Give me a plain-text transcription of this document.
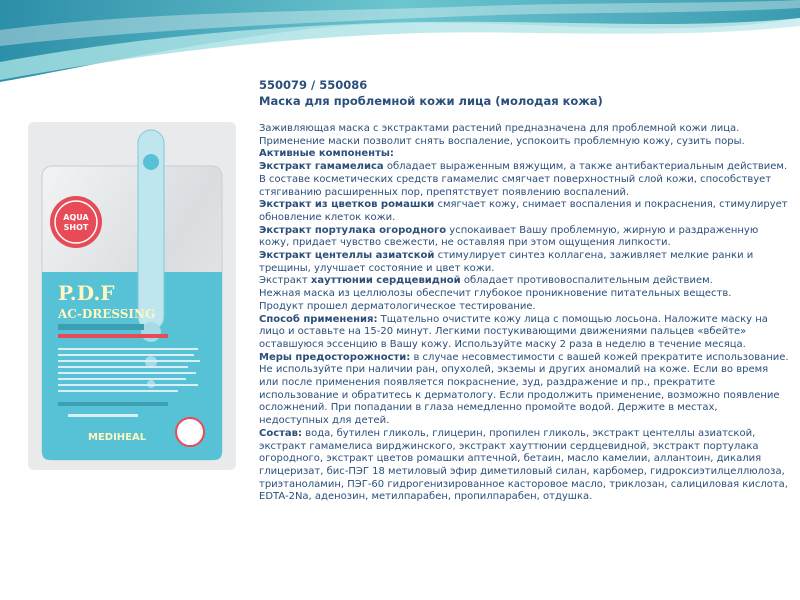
AQUA
SHOT
P.D.F
AC-DRESSING
MEDIHEAL
550079 / 550086
Маска для проблемной кожи лица (молодая кожа)

Заживляющая маска с экстрактами растений предназначена для проблемной кожи лица.

Применение маски позволит снять воспаление, успокоить проблемную кожу, сузить поры.

Активные компоненты:

Экстракт гамамелиса обладает выраженным вяжущим, а также антибактериальным действием. В составе косметических средств гамамелис смягчает поверхностный слой кожи, способствует стягиванию расширенных пор, препятствует появлению воспалений.

Экстракт из цветков ромашки смягчает кожу, снимает воспаления и покраснения, стимулирует обновление клеток кожи.

Экстракт портулака огородного успокаивает Вашу проблемную, жирную и раздраженную кожу, придает чувство свежести, не оставляя при этом ощущения липкости.

Экстракт центеллы азиатской стимулирует синтез коллагена, заживляет мелкие ранки и трещины, улучшает состояние и цвет кожи.

Экстракт хауттюнии сердцевидной обладает противовоспалительным действием.

Нежная маска из целлюлозы обеспечит глубокое проникновение питательных веществ.

Продукт прошел дерматологическое тестирование.

Способ применения: Тщательно очистите кожу лица с помощью лосьона. Наложите маску на лицо и оставьте на 15-20 минут. Легкими постукивающими движениями пальцев «вбейте» оставшуюся эссенцию в Вашу кожу. Используйте маску 2 раза в неделю в течение месяца.

Меры предосторожности: в случае несовместимости с вашей кожей прекратите использование. Не используйте при наличии ран, опухолей, экземы и других аномалий на коже. Если во время или после применения появляется покраснение, зуд, раздражение и пр., прекратите использование и обратитесь к дерматологу. Если продолжить применение, возможно появление осложнений. При попадании в глаза немедленно промойте водой. Держите в местах, недоступных для детей.

Состав: вода, бутилен гликоль, глицерин, пропилен гликоль, экстракт центеллы азиатской, экстракт гамамелиса вирджинского, экстракт хауттюнии сердцевидной, экстракт портулака огородного, экстракт цветов ромашки аптечной, бетаин, масло камелии, аллантоин, дикалия глицеризат, бис-ПЭГ 18 метиловый эфир диметиловый силан, карбомер, гидроксиэтилцеллюлоза, триэтаноламин, ПЭГ-60 гидрогенизированное касторовое масло, триклозан, салициловая кислота, EDTA-2Na, аденозин, метилпарабен, пропилпарабен, отдушка.
